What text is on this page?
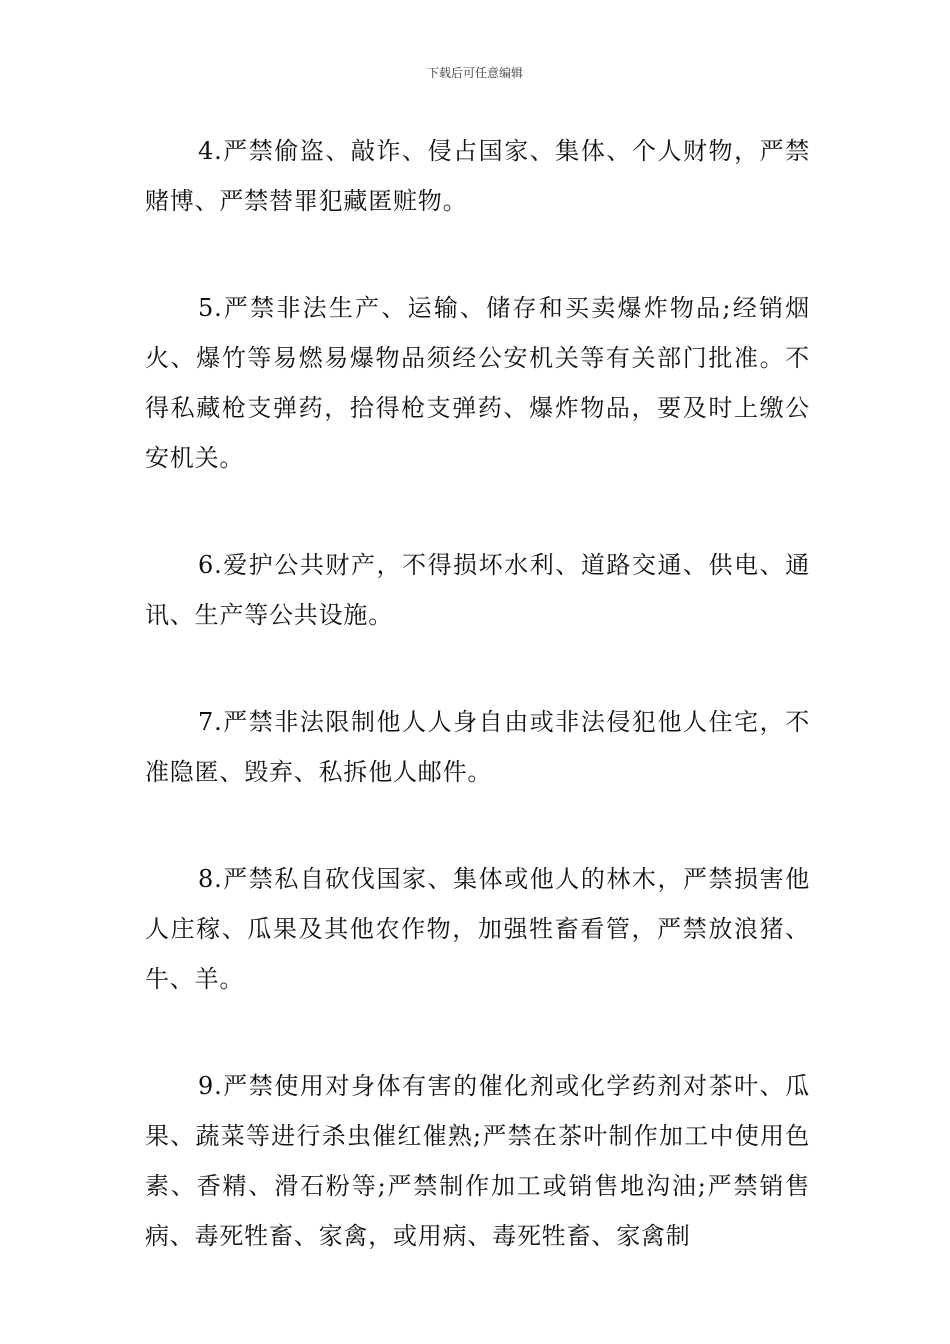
下载后可任意编辑

4.严禁偷盗、敲诈、侵占国家、集体、个人财物，严禁赌博、严禁替罪犯藏匿赃物。

5.严禁非法生产、运输、储存和买卖爆炸物品;经销烟火、爆竹等易燃易爆物品须经公安机关等有关部门批准。不得私藏枪支弹药，拾得枪支弹药、爆炸物品，要及时上缴公安机关。

6.爱护公共财产，不得损坏水利、道路交通、供电、通讯、生产等公共设施。

7.严禁非法限制他人人身自由或非法侵犯他人住宅，不准隐匿、毁弃、私拆他人邮件。

8.严禁私自砍伐国家、集体或他人的林木，严禁损害他人庄稼、瓜果及其他农作物，加强牲畜看管，严禁放浪猪、牛、羊。

9.严禁使用对身体有害的催化剂或化学药剂对茶叶、瓜果、蔬菜等进行杀虫催红催熟;严禁在茶叶制作加工中使用色素、香精、滑石粉等;严禁制作加工或销售地沟油;严禁销售病、毒死牲畜、家禽，或用病、毒死牲畜、家禽制
